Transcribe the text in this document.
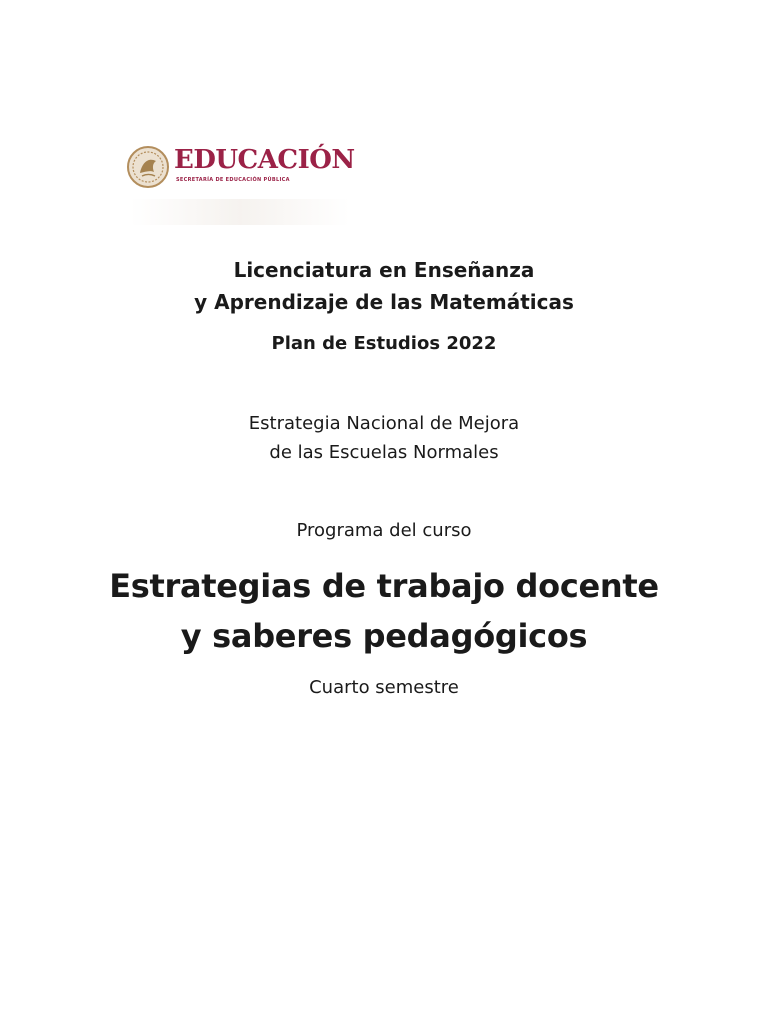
EDUCACIÓN
SECRETARÍA DE EDUCACIÓN PÚBLICA
Licenciatura en Enseñanza
y Aprendizaje de las Matemáticas
Plan de Estudios 2022
Estrategia Nacional de Mejora
de las Escuelas Normales
Programa del curso
Estrategias de trabajo docente
y saberes pedagógicos
Cuarto semestre
